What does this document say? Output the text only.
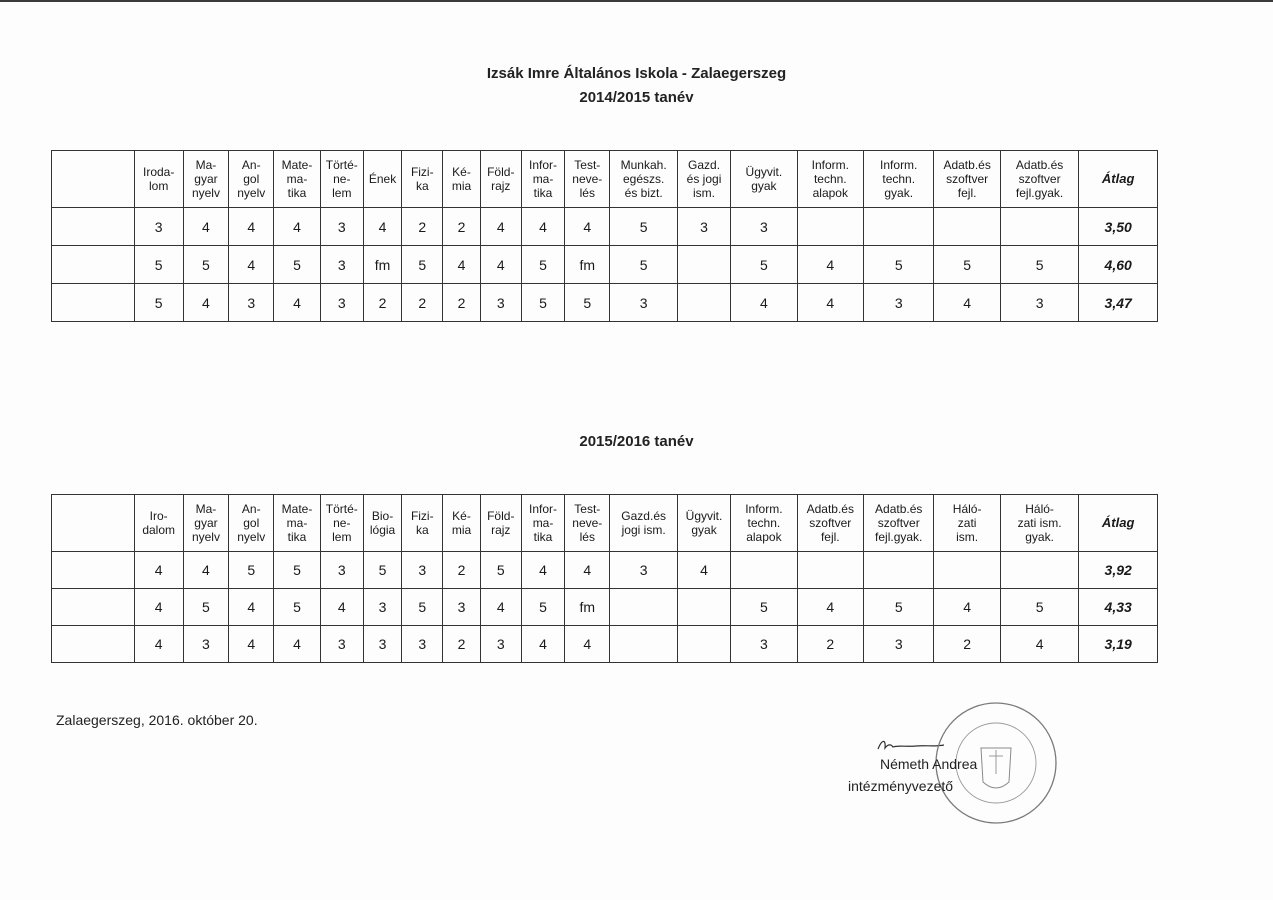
Izsák Imre Általános Iskola - Zalaegerszeg
2014/2015 tanév
	Iroda-
lom	Ma-
gyar
nyelv	An-
gol
nyelv	Mate-
ma-
tika	Törté-
ne-
lem	Ének	Fizi-
ka	Ké-
mia	Föld-
rajz	Infor-
ma-
tika	Test-
neve-
lés	Munkah.
egészs.
és bizt.	Gazd.
és jogi
ism.	Ügyvit.
gyak	Inform.
techn.
alapok	Inform.
techn.
gyak.	Adatb.és
szoftver
fejl.	Adatb.és
szoftver
fejl.gyak.	Átlag
	3	4	4	4	3	4	2	2	4	4	4	5	3	3					3,50
	5	5	4	5	3	fm	5	4	4	5	fm	5		5	4	5	5	5	4,60
	5	4	3	4	3	2	2	2	3	5	5	3		4	4	3	4	3	3,47
2015/2016 tanév
	Iro-
dalom	Ma-
gyar
nyelv	An-
gol
nyelv	Mate-
ma-
tika	Törté-
ne-
lem	Bio-
lógia	Fizi-
ka	Ké-
mia	Föld-
rajz	Infor-
ma-
tika	Test-
neve-
lés	Gazd.és
jogi ism.	Ügyvit.
gyak	Inform.
techn.
alapok	Adatb.és
szoftver
fejl.	Adatb.és
szoftver
fejl.gyak.	Háló-
zati
ism.	Háló-
zati ism.
gyak.	Átlag
	4	4	5	5	3	5	3	2	5	4	4	3	4						3,92
	4	5	4	5	4	3	5	3	4	5	fm			5	4	5	4	5	4,33
	4	3	4	4	3	3	3	2	3	4	4			3	2	3	2	4	3,19
Zalaegerszeg, 2016. október 20.
Németh Andrea
intézményvezető
